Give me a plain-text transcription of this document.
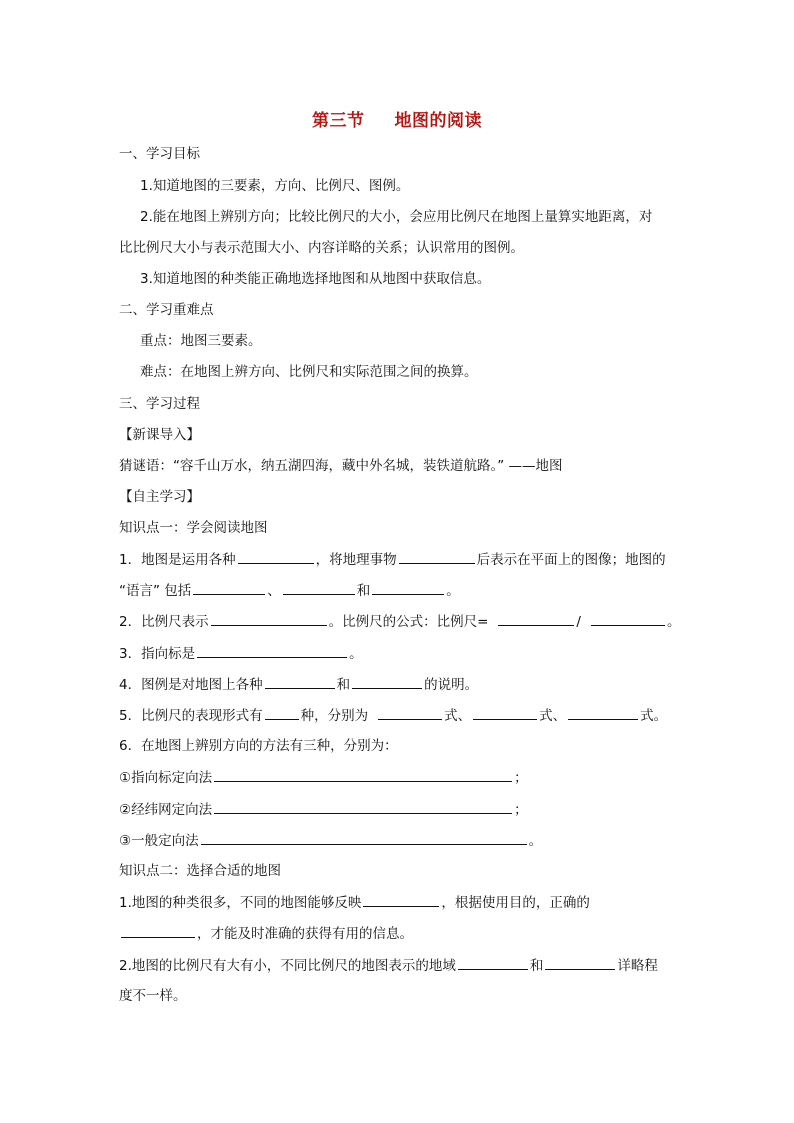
第三节 地图的阅读
一、学习目标
1.知道地图的三要素，方向、比例尺、图例。
2.能在地图上辨别方向；比较比例尺的大小，会应用比例尺在地图上量算实地距离，对
比比例尺大小与表示范围大小、内容详略的关系；认识常用的图例。
3.知道地图的种类能正确地选择地图和从地图中获取信息。
二、学习重难点
重点：地图三要素。
难点：在地图上辨方向、比例尺和实际范围之间的换算。
三、学习过程
【新课导入】
猜谜语：“容千山万水，纳五湖四海，藏中外名城，装铁道航路。” ——地图
【自主学习】
知识点一：学会阅读地图
1．地图是运用各种	，将地理事物	后表示在平面上的图像；地图的
“语言” 包括	、	和	。
2．比例尺表示	。比例尺的公式：比例尺=	/	。
3．指向标是	。
4．图例是对地图上各种	和	的说明。
5．比例尺的表现形式有	种，分别为	式、	式、	式。
6．在地图上辨别方向的方法有三种，分别为：
①指向标定向法	；
②经纬网定向法	；
③一般定向法	。
知识点二：选择合适的地图
1.地图的种类很多，不同的地图能够反映	，根据使用目的，正确的
，才能及时准确的获得有用的信息。
2.地图的比例尺有大有小，不同比例尺的地图表示的地域	和	详略程
度不一样。
